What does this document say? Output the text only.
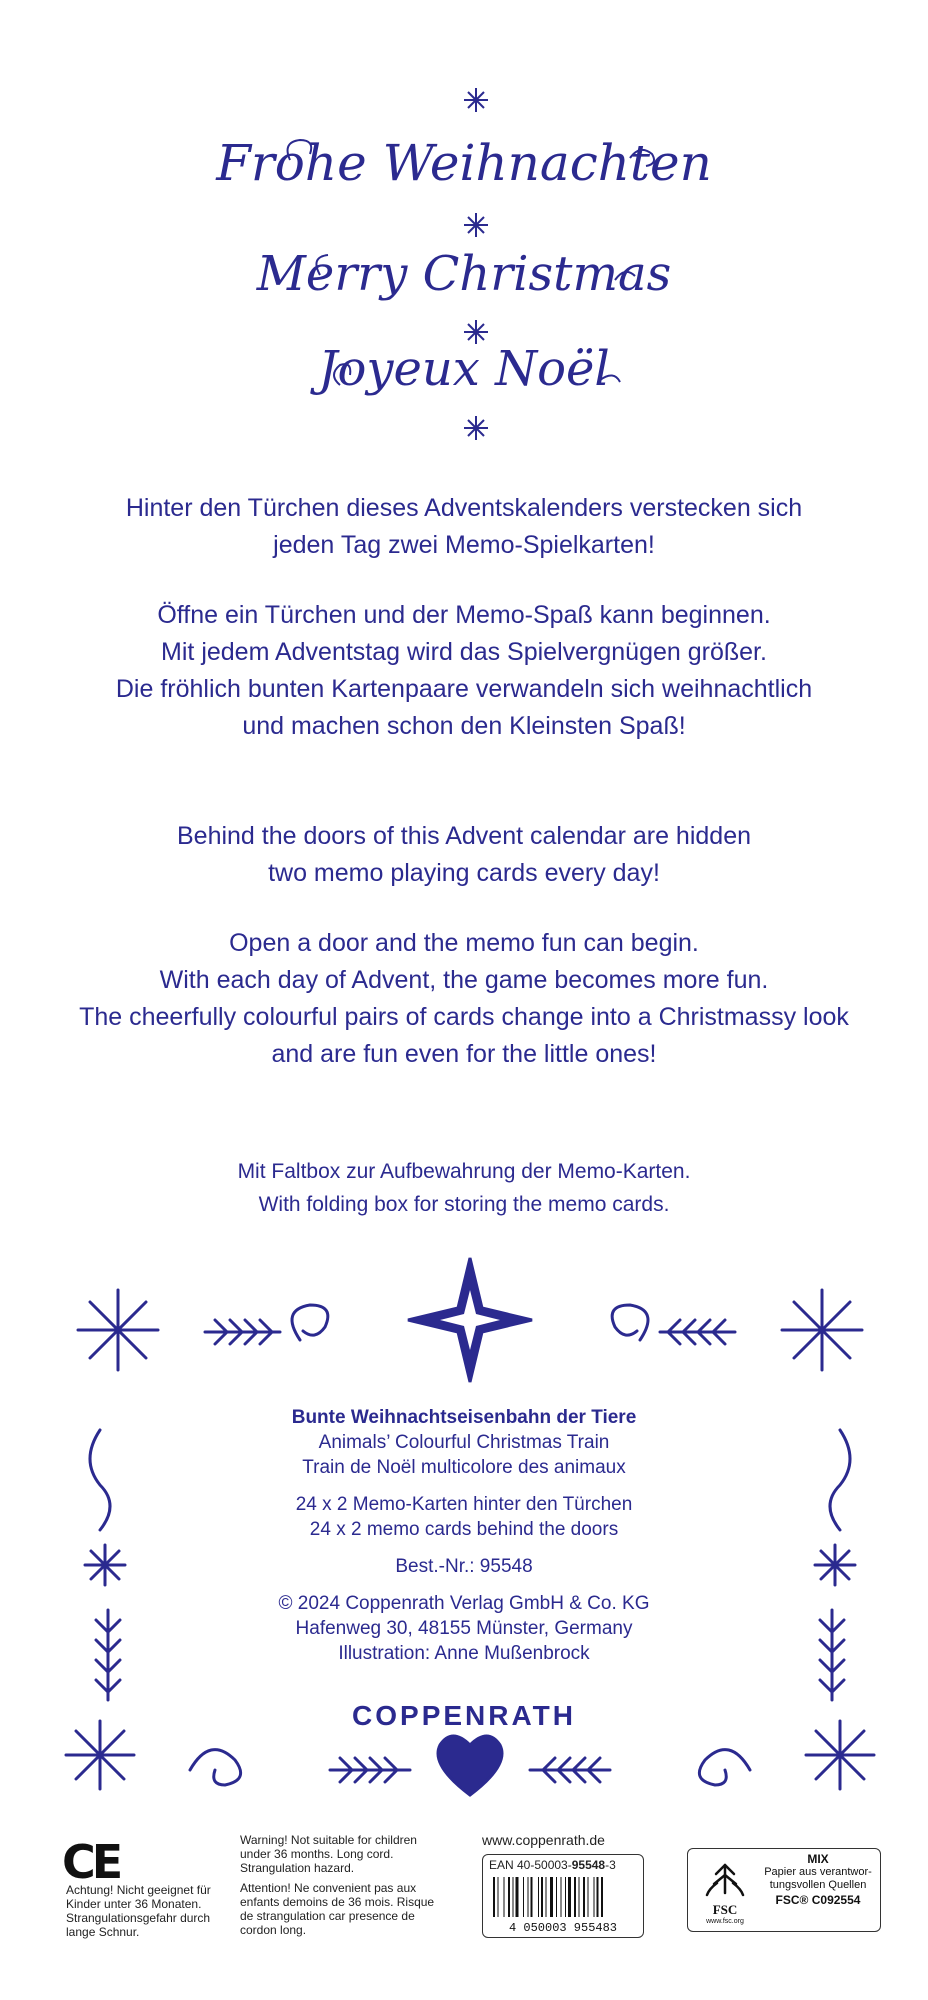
Frohe Weihnachten
Merry Christmas
Joyeux Noël

Hinter den Türchen dieses Adventskalenders verstecken sich

jeden Tag zwei Memo-Spielkarten!

Öffne ein Türchen und der Memo-Spaß kann beginnen.

Mit jedem Adventstag wird das Spielvergnügen größer.

Die fröhlich bunten Kartenpaare verwandeln sich weihnachtlich

und machen schon den Kleinsten Spaß!

Behind the doors of this Advent calendar are hidden

two memo playing cards every day!

Open a door and the memo fun can begin.

With each day of Advent, the game becomes more fun.

The cheerfully colourful pairs of cards change into a Christmassy look

and are fun even for the little ones!

Mit Faltbox zur Aufbewahrung der Memo-Karten.

With folding box for storing the memo cards.

Bunte Weihnachtseisenbahn der Tiere

Animals’ Colourful Christmas Train

Train de Noël multicolore des animaux

24 x 2 Memo-Karten hinter den Türchen

24 x 2 memo cards behind the doors

Best.-Nr.: 95548

© 2024 Coppenrath Verlag GmbH & Co. KG

Hafenweg 30, 48155 Münster, Germany

Illustration: Anne Mußenbrock

COPPENRATH
CE
Achtung! Nicht geeignet für Kinder unter 36 Monaten. Strangulationsgefahr durch lange Schnur.

Warning! Not suitable for children under 36 months. Long cord. Strangulation hazard.

Attention! Ne convenient pas aux enfants demoins de 36 mois. Risque de strangulation car presence de cordon long.

www.coppenrath.de
EAN 40-50003-95548-3
4 050003 955483
FSC
www.fsc.org
MIX
Papier aus verantwor-
tungsvollen Quellen
FSC® C092554
